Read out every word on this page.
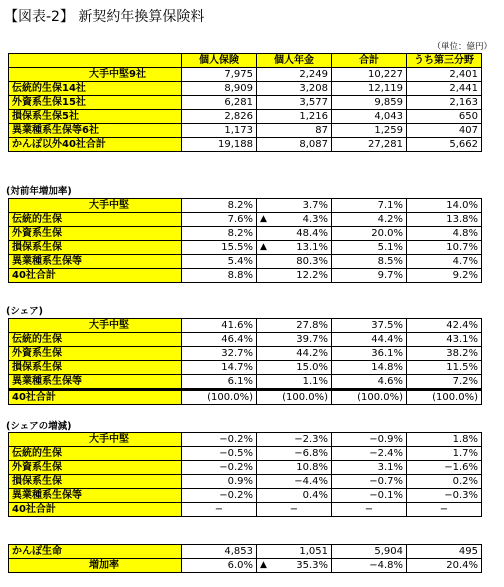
【図表-2】 新契約年換算保険料
（単位：億円）
	個人保険	個人年金	合計	うち第三分野
大手中堅9社	7,975	2,249	10,227	2,401
伝統的生保14社	8,909	3,208	12,119	2,441
外資系生保15社	6,281	3,577	9,859	2,163
損保系生保5社	2,826	1,216	4,043	650
異業種系生保等6社	1,173	87	1,259	407
かんぽ以外40社合計	19,188	8,087	27,281	5,662
(対前年増加率)
大手中堅	8.2%	3.7%	7.1%	14.0%
伝統的生保	7.6%	▲ 4.3%	4.2%	13.8%
外資系生保	8.2%	48.4%	20.0%	4.8%
損保系生保	15.5%	▲ 13.1%	5.1%	10.7%
異業種系生保等	5.4%	80.3%	8.5%	4.7%
40社合計	8.8%	12.2%	9.7%	9.2%
(シェア)
大手中堅	41.6%	27.8%	37.5%	42.4%
伝統的生保	46.4%	39.7%	44.4%	43.1%
外資系生保	32.7%	44.2%	36.1%	38.2%
損保系生保	14.7%	15.0%	14.8%	11.5%
異業種系生保等	6.1%	1.1%	4.6%	7.2%
40社合計	(100.0%)	(100.0%)	(100.0%)	(100.0%)
(シェアの増減)
大手中堅	−0.2%	−2.3%	−0.9%	1.8%
伝統的生保	−0.5%	−6.8%	−2.4%	1.7%
外資系生保	−0.2%	10.8%	3.1%	−1.6%
損保系生保	0.9%	−4.4%	−0.7%	0.2%
異業種系生保等	−0.2%	0.4%	−0.1%	−0.3%
40社合計	−	−	−	−
かんぽ生命	4,853	1,051	5,904	495
増加率	6.0%	▲ 35.3%	−4.8%	20.4%
